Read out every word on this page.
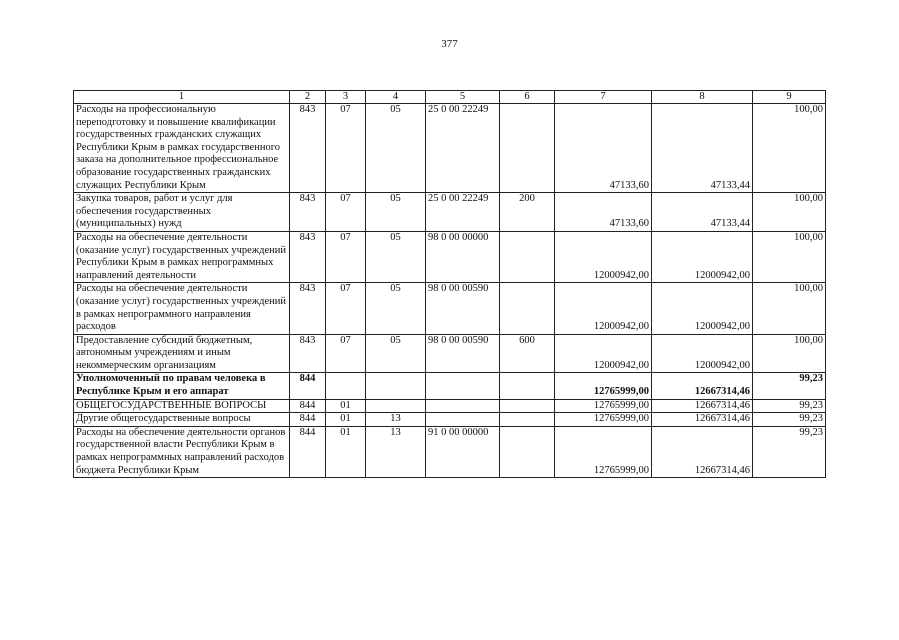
377
1	2	3	4	5	6	7	8	9
Расходы на профессиональную переподготовку и повышение квалификации государственных гражданских служащих Республики Крым в рамках государственного заказа на дополнительное профессиональное образование государственных гражданских служащих Республики Крым	843	07	05	25 0 00 22249		47133,60	47133,44	100,00
Закупка товаров, работ и услуг для обеспечения государственных (муниципальных) нужд	843	07	05	25 0 00 22249	200	47133,60	47133,44	100,00
Расходы на обеспечение деятельности (оказание услуг) государственных учреждений Республики Крым в рамках непрограммных направлений деятельности	843	07	05	98 0 00 00000		12000942,00	12000942,00	100,00
Расходы на обеспечение деятельности (оказание услуг) государственных учреждений в рамках непрограммного направления расходов	843	07	05	98 0 00 00590		12000942,00	12000942,00	100,00
Предоставление субсидий бюджетным, автономным учреждениям и иным некоммерческим организациям	843	07	05	98 0 00 00590	600	12000942,00	12000942,00	100,00
Уполномоченный по правам человека в Республике Крым и его аппарат	844					12765999,00	12667314,46	99,23
ОБЩЕГОСУДАРСТВЕННЫЕ ВОПРОСЫ	844	01				12765999,00	12667314,46	99,23
Другие общегосударственные вопросы	844	01	13			12765999,00	12667314,46	99,23
Расходы на обеспечение деятельности органов государственной власти Республики Крым в рамках непрограммных направлений расходов бюджета Республики Крым	844	01	13	91 0 00 00000		12765999,00	12667314,46	99,23
